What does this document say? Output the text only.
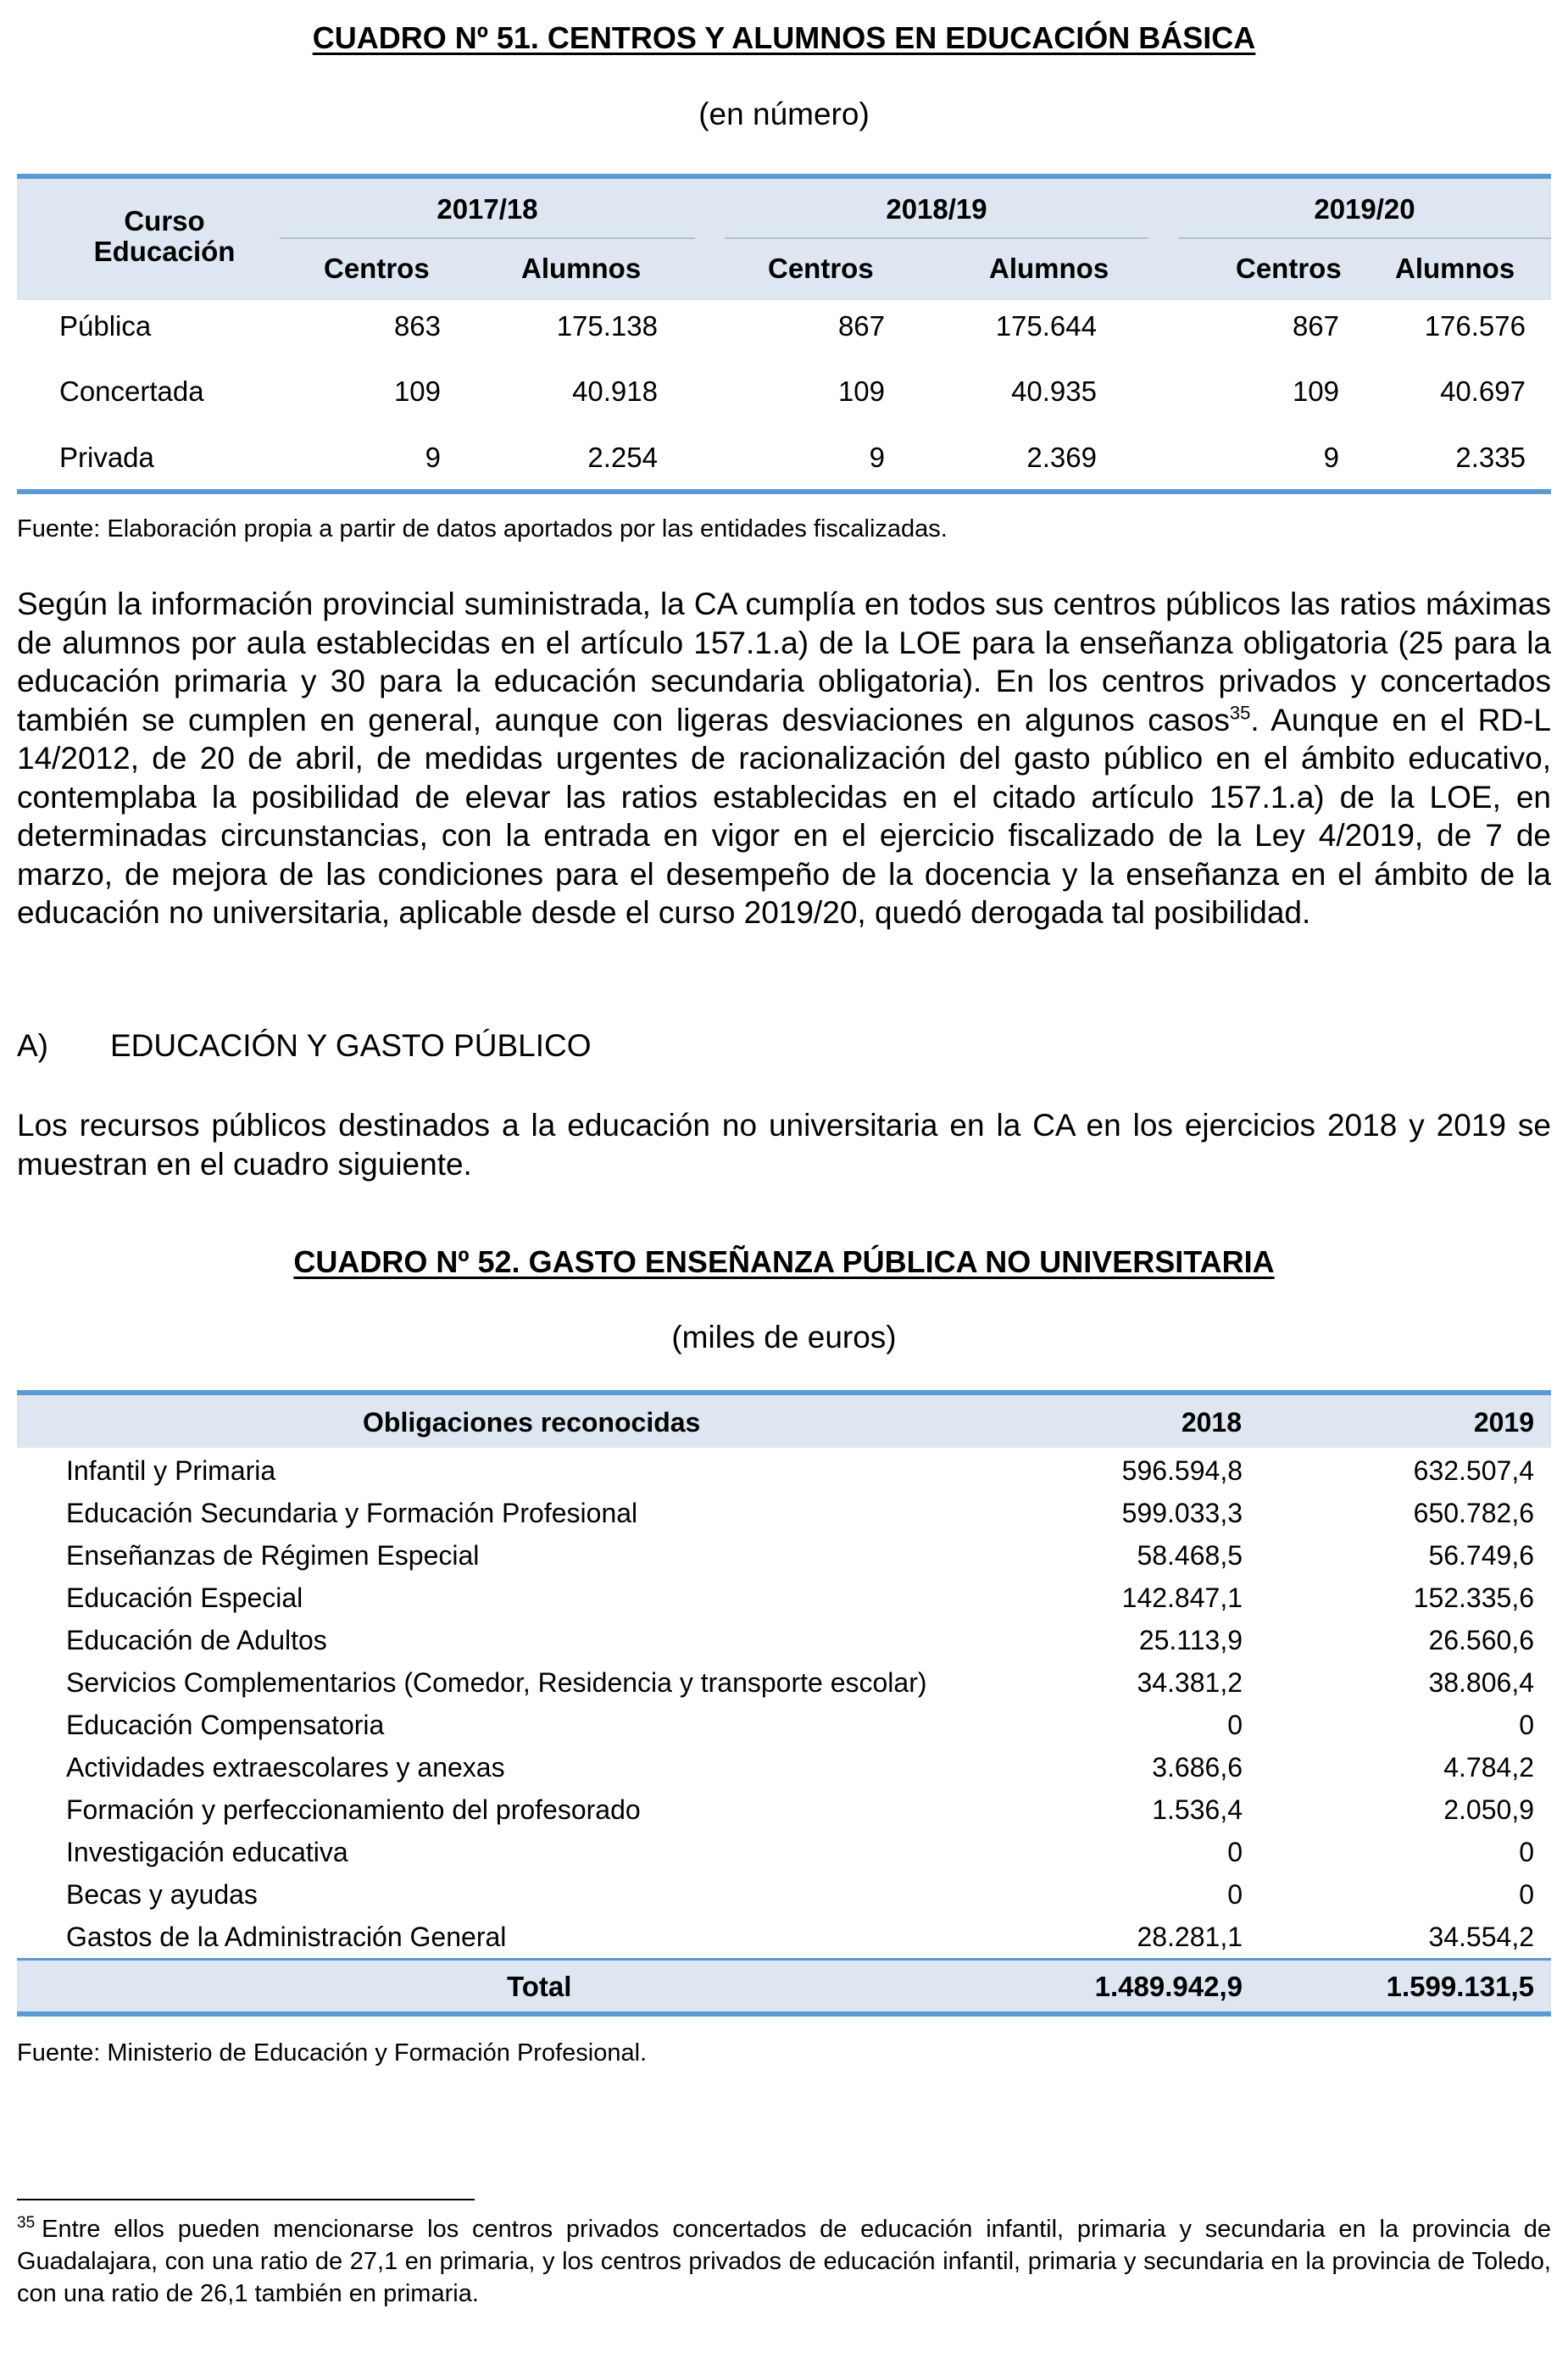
CUADRO Nº 51. CENTROS Y ALUMNOS EN EDUCACIÓN BÁSICA
(en número)
Curso
Educación
2017/18	2018/19	2019/20
Centros	Alumnos	Centros	Alumnos	Centros Alumnos
Pública	863	175.138	867	175.644	867	176.576
Concertada	109	40.918	109	40.935	109	40.697
Privada	9	2.254	9	2.369	9	2.335
Fuente: Elaboración propia a partir de datos aportados por las entidades fiscalizadas.

Según la información provincial suministrada, la CA cumplía en todos sus centros públicos las ratios máximas de alumnos por aula establecidas en el artículo 157.1.a) de la LOE para la enseñanza obligatoria (25 para la educación primaria y 30 para la educación secundaria obligatoria). En los centros privados y concertados también se cumplen en general, aunque con ligeras desviaciones en algunos casos$^{35}$. Aunque en el RD-L 14/2012, de 20 de abril, de medidas urgentes de racionalización del gasto público en el ámbito educativo, contemplaba la posibilidad de elevar las ratios establecidas en el citado artículo 157.1.a) de la LOE, en determinadas circunstancias, con la entrada en vigor en el ejercicio fiscalizado de la Ley 4/2019, de 7 de marzo, de mejora de las condiciones para el desempeño de la docencia y la enseñanza en el ámbito de la educación no universitaria, aplicable desde el curso 2019/20, quedó derogada tal posibilidad.

A) EDUCACIÓN Y GASTO PÚBLICO

Los recursos públicos destinados a la educación no universitaria en la CA en los ejercicios 2018 y 2019 se muestran en el cuadro siguiente.

CUADRO Nº 52. GASTO ENSEÑANZA PÚBLICA NO UNIVERSITARIA
(miles de euros)
Obligaciones reconocidas	2018	2019
Infantil y Primaria	596.594,8	632.507,4
Educación Secundaria y Formación Profesional	599.033,3	650.782,6
Enseñanzas de Régimen Especial	58.468,5	56.749,6
Educación Especial	142.847,1	152.335,6
Educación de Adultos	25.113,9	26.560,6
Servicios Complementarios (Comedor, Residencia y transporte escolar)	34.381,2	38.806,4
Educación Compensatoria	0	0
Actividades extraescolares y anexas	3.686,6	4.784,2
Formación y perfeccionamiento del profesorado	1.536,4	2.050,9
Investigación educativa	0	0
Becas y ayudas	0	0
Gastos de la Administración General	28.281,1	34.554,2
Total	1.489.942,9	1.599.131,5
Fuente: Ministerio de Educación y Formación Profesional.

$^{35}$ Entre ellos pueden mencionarse los centros privados concertados de educación infantil, primaria y secundaria en la provincia de Guadalajara, con una ratio de 27,1 en primaria, y los centros privados de educación infantil, primaria y secundaria en la provincia de Toledo, con una ratio de 26,1 también en primaria.
